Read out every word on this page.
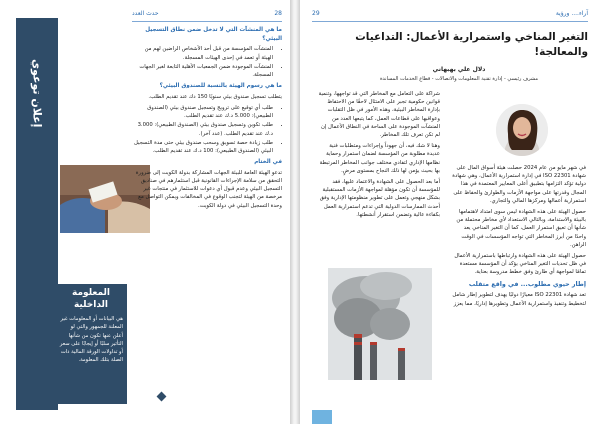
حدث العدد	28
إعلان توعوي
ما هي المنشآت التي لا تدخل ضمن نطاق التسجيل البيئي؟
• المنشآت المؤسسة من قبل أحد الأشخاص الراضين لهم من الهيئة أو تعمد في إحدى الهيئات المسجلة.
• المنشآت الموجودة ضمن الجمعيات الأهلية التابعة لغير الجهات المسجلة.
ما هي رسوم الهيئة بالنسبة للصندوق البيئي؟

يتطلب تسجيل صندوق بيئي سنويًا 150 دك عند تقديم الطلب.

• طلب أي توقيع على ترويج وتسجيل صندوق بيئي (الصندوق الطبيعي): 5.000 د.ك عند تقديم الطلب.
• طلب تكوين وتسجيل صندوق بيئي (الصندوق الطبيعي): 3.000 د.ك عند تقديم الطلب. (عدد آخر).
• طلب زيادة حصة تسويق وسحب صندوق بيئي حتى مدة التسجيل البيئي (الصندوق الطبيعي): 100 د.ك عند تقديم الطلب.
في الختام

تدعو الهيئة العامة للبيئة الجهات المشاركة بدولة الكويت إلى ضرورة التحقق من سلامة الإجراءات القانونية قبل استثمارهم في صناديق التسجيل البيئي وعدم قبول أي دعوات للاستثمار في منتجات غير مرخصة من الهيئة لتجنب الوقوع في المخالفات ويمكن التواصل مع وحدة التسجيل البيئي في دولة الكويت.

المعلومة الداخلية
هي البيانات أو المعلومات غير المعلنة للجمهور والتي لو أعلن عنها تكون من شأنها التأثير سلبًا أو إيجابًا على سعر أو تداولات الورقة المالية ذات الصلة بتلك المعلومة.
29	آراء.... ورؤية
التغير المناخي واستمرارية الأعمال: التداعيات والمعالجة!
دلال علي بهبهاني
مشرف رئيسي - إدارة تقنية المعلومات والاتصالات - قطاع الخدمات المساندة

شراكة على التعامل مع المخاطر التي قد تواجهها، وتنمية قوانين حكومية تجبر على الامتثال لاحقًا من الاحتفاظ بإدارة المخاطر البيئية، وهذه الأمور في ظل التقلبات وعواقبها على قطاعات العمل، كما يتبعها العدد من المنشآت الموجودة على الساحة في النطاق الأعمال إن لم تكن تعرف تلك المخاطر.

وهنا لا شك فيه، أن جهوداً وإجراءات ومتطلبات فنية عديدة مطلوبة من المؤسسة لضمان استمرار وحماية نظامها الإداري لتفادي مختلف جوانب المخاطر المرتبطة بها بحيث يؤمن لها ذلك النجاح بمستوى مرضٍ.

أما بعد الحصول على الشهادة والاعتماد عليها، فقد للمؤسسة أن تكون مؤهلة لمواجهة الأزمات المستقبلية بشكل منهجي وتعمل على تطوير منظومتها الإدارية وفق أحدث الممارسات الدولية التي تدعم استمرارية العمل بكفاءة عالية وتضمن استقرار أنشطتها.

في شهر مايو من عام 2024 حصلت هيئة أسواق المال على شهادة 22301 ISO في إدارة استمرارية الأعمال، وهي شهادة دولية تؤكد التزامها بتطبيق أعلى المعايير المعتمدة في هذا المجال وقدرتها على مواجهة الأزمات والطوارئ والحفاظ على استمرارية أعمالها ومركزها المالي والتجاري.

حصول الهيئة على هذه الشهادة ليس سوى امتداد لاهتمامها بالبيئة والاستدامة، وبالتالي الاستعداد لأي مخاطر محتملة من شأنها أن تعيق استمرار العمل، كما أن التغير المناخي يعد واحدًا من أبرز المخاطر التي تواجه المؤسسات في الوقت الراهن.

حصول الهيئة على هذه الشهادة وارتباطها باستمرارية الأعمال في ظل تحديات التغير المناخي يؤكد أن المؤسسة مستعدة تمامًا لمواجهة أي طارئ وفق خطط مدروسة بعناية.

إطار حيوي مطلوب... في واقع متقلب

تعد شهادة 22301 ISO معيارًا دوليًا يهدف لتطوير إطار شامل لتخطيط وتنفيذ واستمرارية الأعمال وتطويرها إداريًا، مما يعزز
